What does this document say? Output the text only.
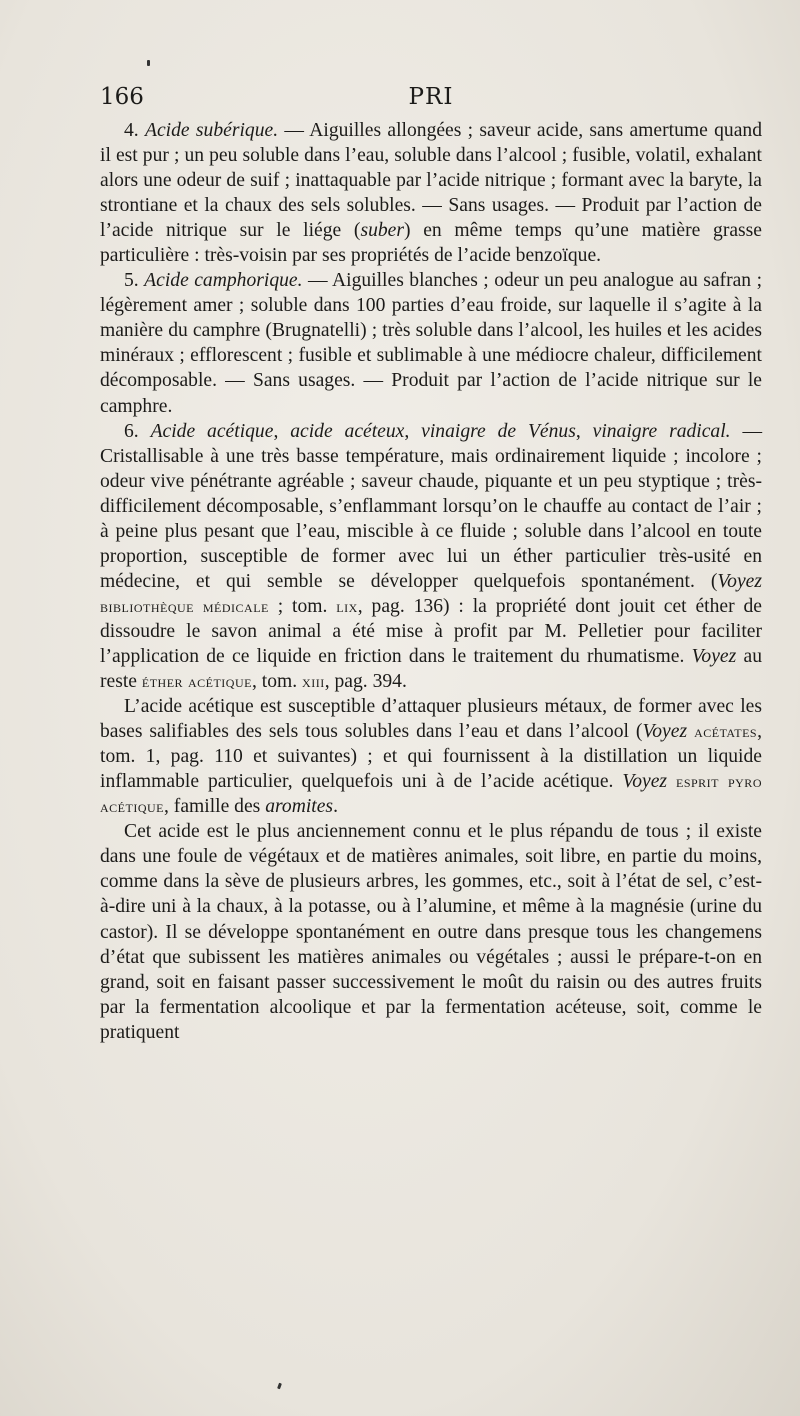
166	PRI

4. Acide subérique. — Aiguilles allongées ; saveur acide, sans amertume quand il est pur ; un peu soluble dans l’eau, soluble dans l’alcool ; fusible, volatil, exhalant alors une odeur de suif ; inattaquable par l’acide nitrique ; formant avec la baryte, la strontiane et la chaux des sels solubles. — Sans usages. — Produit par l’action de l’acide nitrique sur le liége (suber) en même temps qu’une matière grasse particulière : très-voisin par ses propriétés de l’acide benzoïque.

5. Acide camphorique. — Aiguilles blanches ; odeur un peu analogue au safran ; légèrement amer ; soluble dans 100 parties d’eau froide, sur laquelle il s’agite à la manière du camphre (Brugnatelli) ; très soluble dans l’alcool, les huiles et les acides minéraux ; efflorescent ; fusible et sublimable à une médiocre chaleur, difficilement décomposable. — Sans usages. — Produit par l’action de l’acide nitrique sur le camphre.

6. Acide acétique, acide acéteux, vinaigre de Vénus, vinaigre radical. — Cristallisable à une très basse température, mais ordinairement liquide ; incolore ; odeur vive pénétrante agréable ; saveur chaude, piquante et un peu styptique ; très-difficilement décomposable, s’enflammant lorsqu’on le chauffe au contact de l’air ; à peine plus pesant que l’eau, miscible à ce fluide ; soluble dans l’alcool en toute proportion, susceptible de former avec lui un éther particulier très-usité en médecine, et qui semble se développer quelquefois spontanément. (Voyez bibliothèque médicale ; tom. lix, pag. 136) : la propriété dont jouit cet éther de dissoudre le savon animal a été mise à profit par M. Pelletier pour faciliter l’application de ce liquide en friction dans le traitement du rhumatisme. Voyez au reste éther acétique, tom. xiii, pag. 394.

L’acide acétique est susceptible d’attaquer plusieurs métaux, de former avec les bases salifiables des sels tous solubles dans l’eau et dans l’alcool (Voyez acétates, tom. 1, pag. 110 et suivantes) ; et qui fournissent à la distillation un liquide inflammable particulier, quelquefois uni à de l’acide acétique. Voyez esprit pyro acétique, famille des aromites.

Cet acide est le plus anciennement connu et le plus répandu de tous ; il existe dans une foule de végétaux et de matières animales, soit libre, en partie du moins, comme dans la sève de plusieurs arbres, les gommes, etc., soit à l’état de sel, c’est-à-dire uni à la chaux, à la potasse, ou à l’alumine, et même à la magnésie (urine du castor). Il se développe spontanément en outre dans presque tous les changemens d’état que subissent les matières animales ou végétales ; aussi le prépare-t-on en grand, soit en faisant passer successivement le moût du raisin ou des autres fruits par la fermentation alcoolique et par la fermentation acéteuse, soit, comme le pratiquent
